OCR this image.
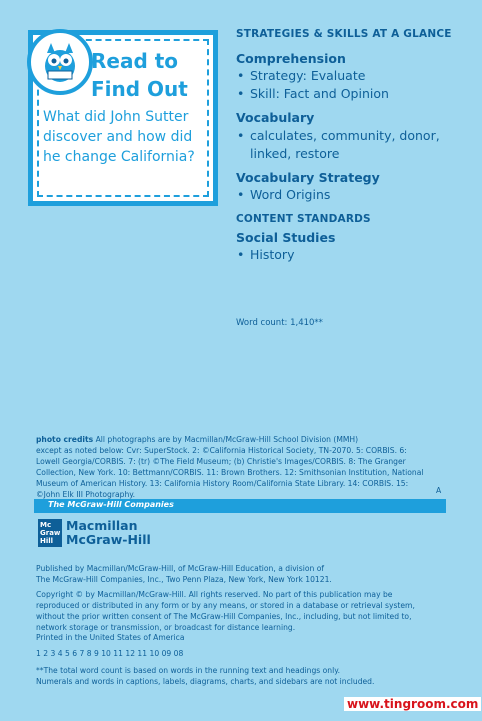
Read to
Find Out
What did John Sutter discover and how did he change California?
STRATEGIES & SKILLS AT A GLANCE
Comprehension
• Strategy: Evaluate
• Skill: Fact and Opinion
Vocabulary
• calculates, community, donor,
linked, restore
Vocabulary Strategy
• Word Origins
CONTENT STANDARDS
Social Studies
• History
Word count: 1,410**
photo credits All photographs are by Macmillan/McGraw-Hill School Division (MMH)
except as noted below: Cvr: SuperStock. 2: ©California Historical Society, TN-2070. 5: CORBIS. 6:
Lowell Georgia/CORBIS. 7: (tr) ©The Field Museum; (b) Christie's Images/CORBIS. 8: The Granger
Collection, New York. 10: Bettmann/CORBIS. 11: Brown Brothers. 12: Smithsonian Institution, National
Museum of American History. 13: California History Room/California State Library. 14: CORBIS. 15:
©John Elk III Photography.	A
The McGraw-Hill Companies
Mc
Graw
Hill
Macmillan
McGraw-Hill
Published by Macmillan/McGraw-Hill, of McGraw-Hill Education, a division of
The McGraw-Hill Companies, Inc., Two Penn Plaza, New York, New York 10121.
Copyright © by Macmillan/McGraw-Hill. All rights reserved. No part of this publication may be
reproduced or distributed in any form or by any means, or stored in a database or retrieval system,
without the prior written consent of The McGraw-Hill Companies, Inc., including, but not limited to,
network storage or transmission, or broadcast for distance learning.
Printed in the United States of America
1 2 3 4 5 6 7 8 9 10 11 12 11 10 09 08
**The total word count is based on words in the running text and headings only.
Numerals and words in captions, labels, diagrams, charts, and sidebars are not included.
www.tingroom.com
